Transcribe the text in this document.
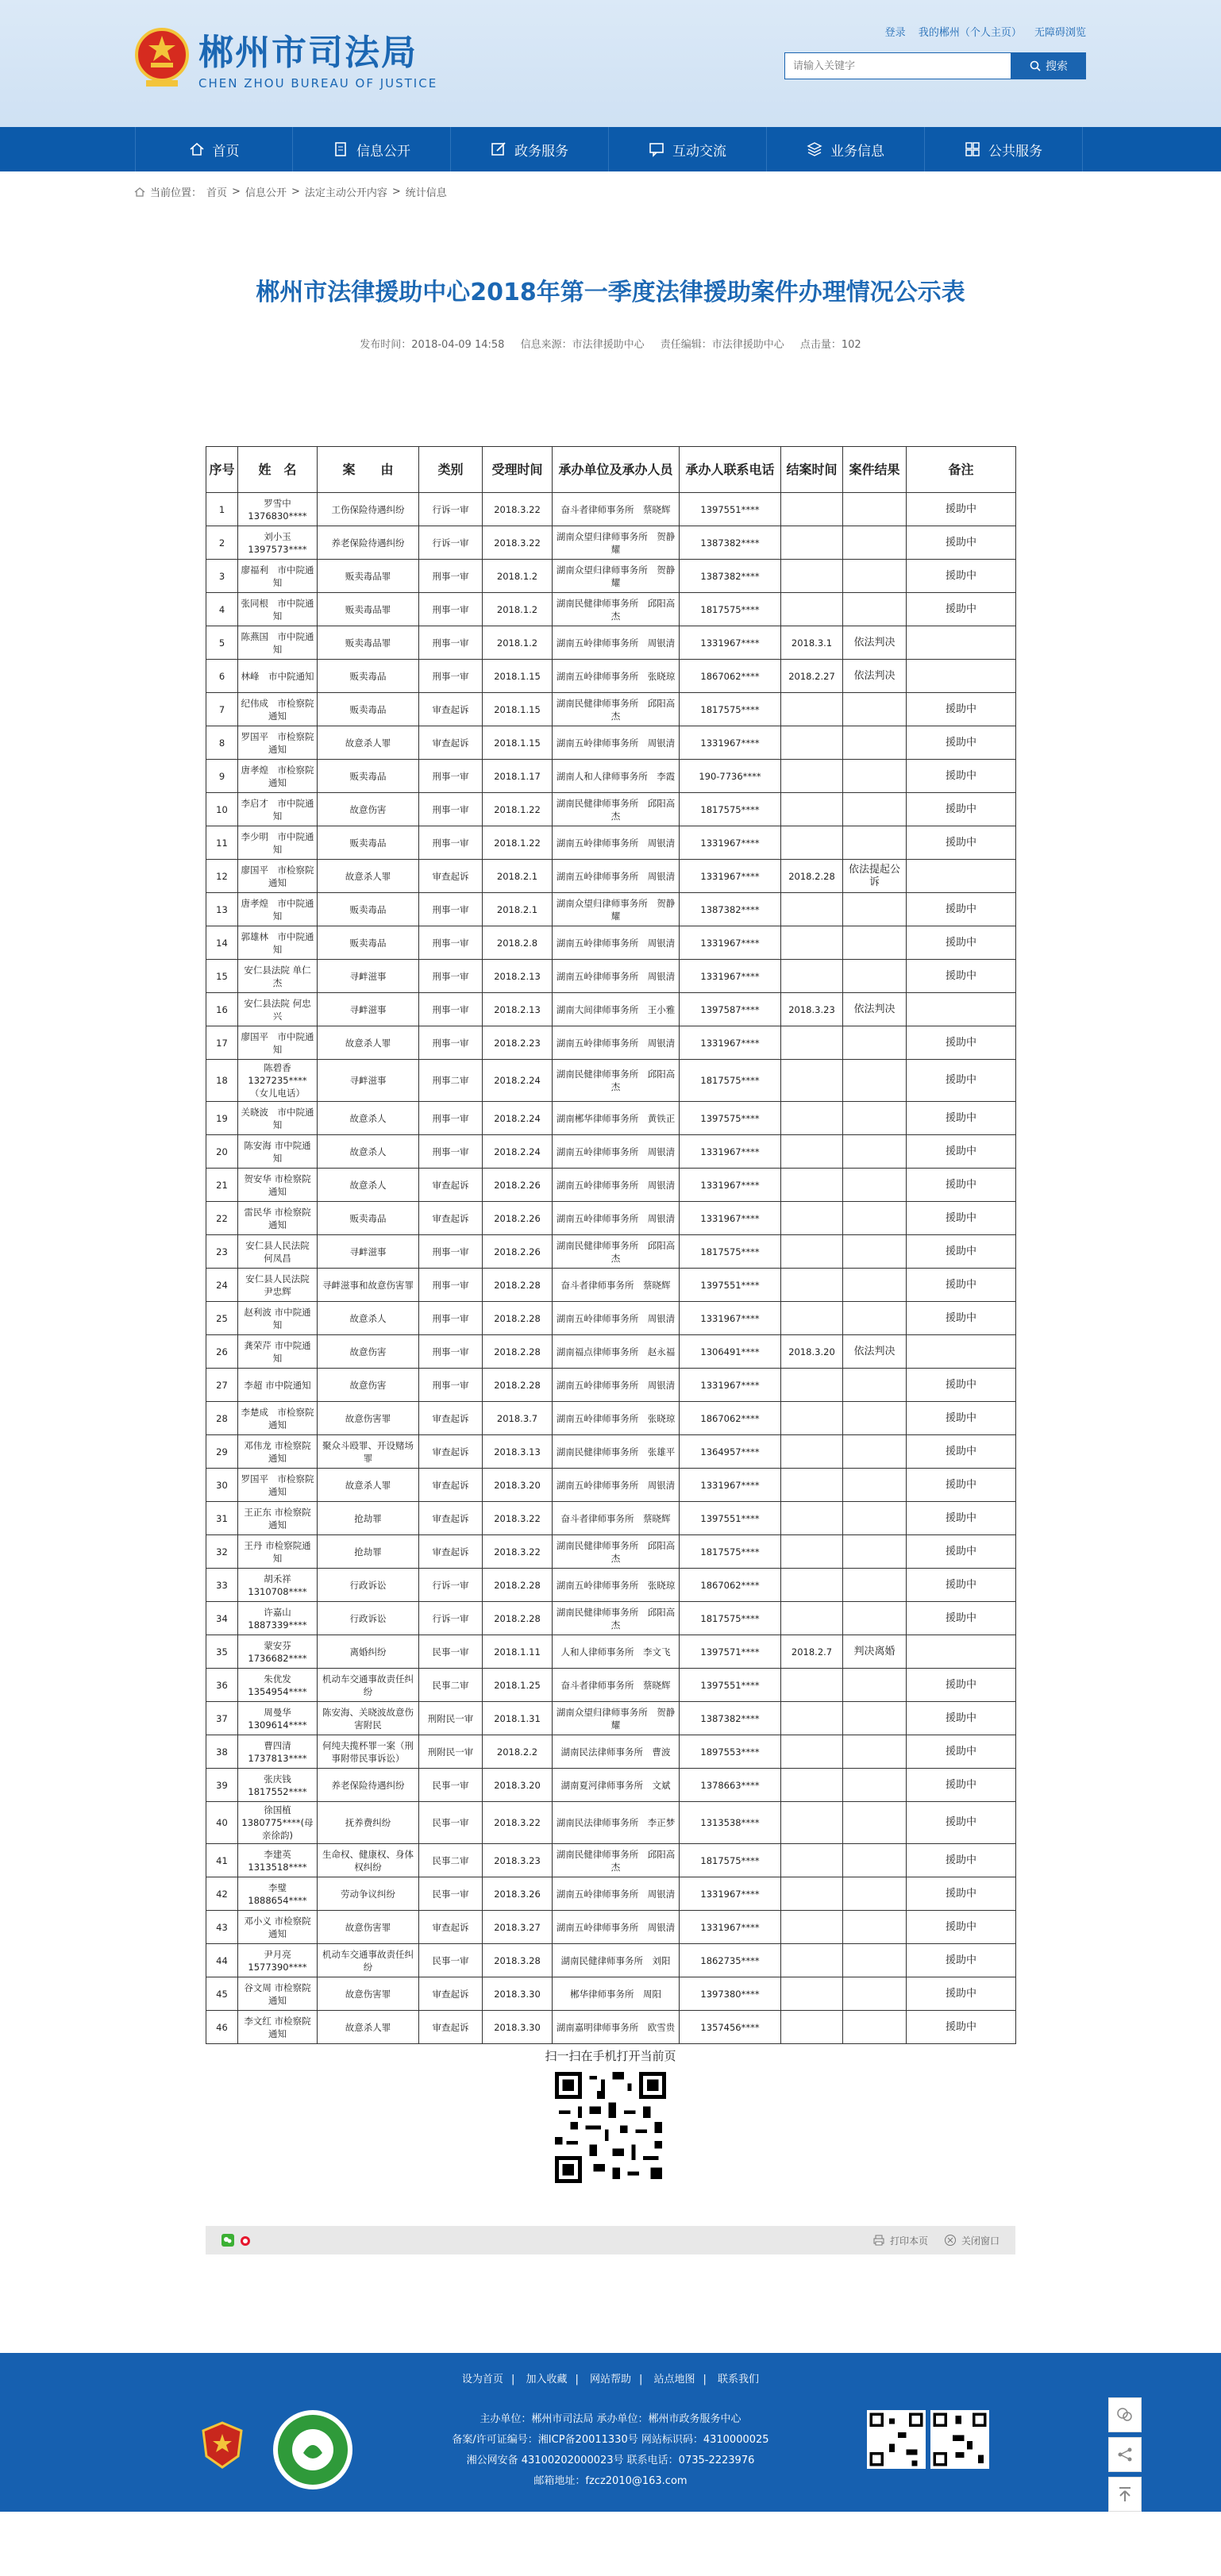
郴州市司法局
CHEN ZHOU BUREAU OF JUSTICE
登录 我的郴州（个人主页） 无障碍浏览
请输入关键字
搜索
首页	信息公开	政务服务	互动交流	业务信息	公共服务
当前位置： 首页 > 信息公开 > 法定主动公开内容 > 统计信息
郴州市法律援助中心2018年第一季度法律援助案件办理情况公示表
发布时间：2018-04-09 14:58 信息来源：市法律援助中心 责任编辑：市法律援助中心 点击量：102
序号	姓　名	案　　由	类别	受理时间	承办单位及承办人员	承办人联系电话	结案时间	案件结果	备注
1	罗雪中 1376830****	工伤保险待遇纠纷	行诉一审	2018.3.22	奋斗者律师事务所　蔡晓辉	1397551****			援助中
2	刘小玉 1397573****	养老保险待遇纠纷	行诉一审	2018.3.22	湖南众望归律师事务所　贺静耀	1387382****			援助中
3	廖福利　市中院通知	贩卖毒品罪	刑事一审	2018.1.2	湖南众望归律师事务所　贺静耀	1387382****			援助中
4	张同根　市中院通知	贩卖毒品罪	刑事一审	2018.1.2	湖南民健律师事务所　邱阳高杰	1817575****			援助中
5	陈燕国　市中院通知	贩卖毒品罪	刑事一审	2018.1.2	湖南五岭律师事务所　周银清	1331967****	2018.3.1	依法判决	
6	林峰　市中院通知	贩卖毒品	刑事一审	2018.1.15	湖南五岭律师事务所　张晓琼	1867062****	2018.2.27	依法判决	
7	纪伟成　市检察院通知	贩卖毒品	审查起诉	2018.1.15	湖南民健律师事务所　邱阳高杰	1817575****			援助中
8	罗国平　市检察院通知	故意杀人罪	审查起诉	2018.1.15	湖南五岭律师事务所　周银清	1331967****			援助中
9	唐孝煌　市检察院通知	贩卖毒品	刑事一审	2018.1.17	湖南人和人律师事务所　李霞	190-7736****			援助中
10	李启才　市中院通知	故意伤害	刑事一审	2018.1.22	湖南民健律师事务所　邱阳高杰	1817575****			援助中
11	李少明　市中院通知	贩卖毒品	刑事一审	2018.1.22	湖南五岭律师事务所　周银清	1331967****			援助中
12	廖国平　市检察院通知	故意杀人罪	审查起诉	2018.2.1	湖南五岭律师事务所　周银清	1331967****	2018.2.28	依法提起公诉	
13	唐孝煌　市中院通知	贩卖毒品	刑事一审	2018.2.1	湖南众望归律师事务所　贺静耀	1387382****			援助中
14	郭雄林　市中院通知	贩卖毒品	刑事一审	2018.2.8	湖南五岭律师事务所　周银清	1331967****			援助中
15	安仁县法院 单仁杰	寻衅滋事	刑事一审	2018.2.13	湖南五岭律师事务所　周银清	1331967****			援助中
16	安仁县法院 何忠兴	寻衅滋事	刑事一审	2018.2.13	湖南大间律师事务所　王小雅	1397587****	2018.3.23	依法判决	
17	廖国平　市中院通知	故意杀人罪	刑事一审	2018.2.23	湖南五岭律师事务所　周银清	1331967****			援助中
18	陈碧香 1327235****（女儿电话）	寻衅滋事	刑事二审	2018.2.24	湖南民健律师事务所　邱阳高杰	1817575****			援助中
19	关晓波　市中院通知	故意杀人	刑事一审	2018.2.24	湖南郴华律师事务所　黄铁正	1397575****			援助中
20	陈安海 市中院通知	故意杀人	刑事一审	2018.2.24	湖南五岭律师事务所　周银清	1331967****			援助中
21	贺安华 市检察院通知	故意杀人	审查起诉	2018.2.26	湖南五岭律师事务所　周银清	1331967****			援助中
22	雷民华 市检察院通知	贩卖毒品	审查起诉	2018.2.26	湖南五岭律师事务所　周银清	1331967****			援助中
23	安仁县人民法院 何凤昌	寻衅滋事	刑事一审	2018.2.26	湖南民健律师事务所　邱阳高杰	1817575****			援助中
24	安仁县人民法院 尹忠辉	寻衅滋事和故意伤害罪	刑事一审	2018.2.28	奋斗者律师事务所　蔡晓辉	1397551****			援助中
25	赵利波 市中院通知	故意杀人	刑事一审	2018.2.28	湖南五岭律师事务所　周银清	1331967****			援助中
26	龚荣芹 市中院通知	故意伤害	刑事一审	2018.2.28	湖南福点律师事务所　赵永福	1306491****	2018.3.20	依法判决	
27	李超 市中院通知	故意伤害	刑事一审	2018.2.28	湖南五岭律师事务所　周银清	1331967****			援助中
28	李楚成　市检察院通知	故意伤害罪	审查起诉	2018.3.7	湖南五岭律师事务所　张晓琼	1867062****			援助中
29	邓伟龙 市检察院通知	聚众斗殴罪、开设赌场罪	审查起诉	2018.3.13	湖南民健律师事务所　张雄平	1364957****			援助中
30	罗国平　市检察院通知	故意杀人罪	审查起诉	2018.3.20	湖南五岭律师事务所　周银清	1331967****			援助中
31	王正东 市检察院通知	抢劫罪	审查起诉	2018.3.22	奋斗者律师事务所　蔡晓辉	1397551****			援助中
32	王丹 市检察院通知	抢劫罪	审查起诉	2018.3.22	湖南民健律师事务所　邱阳高杰	1817575****			援助中
33	胡禾祥 1310708****	行政诉讼	行诉一审	2018.2.28	湖南五岭律师事务所　张晓琼	1867062****			援助中
34	许嘉山 1887339****	行政诉讼	行诉一审	2018.2.28	湖南民健律师事务所　邱阳高杰	1817575****			援助中
35	蒙安芬 1736682****	离婚纠纷	民事一审	2018.1.11	人和人律师事务所　李文飞	1397571****	2018.2.7	判决离婚	
36	朱优发 1354954****	机动车交通事故责任纠纷	民事二审	2018.1.25	奋斗者律师事务所　蔡晓辉	1397551****			援助中
37	周曼华 1309614****	陈安海、关晓波故意伤害附民	刑附民一审	2018.1.31	湖南众望归律师事务所　贺静耀	1387382****			援助中
38	曹四清 1737813****	何纯夫揽杯罪一案（刑事附带民事诉讼）	刑附民一审	2018.2.2	湖南民法律师事务所　曹波	1897553****			援助中
39	张庆钱 1817552****	养老保险待遇纠纷	民事一审	2018.3.20	湖南夏河律师事务所　文斌	1378663****			援助中
40	徐国植 1380775****(母亲徐韵)	抚养费纠纷	民事一审	2018.3.22	湖南民法律师事务所　李正梦	1313538****			援助中
41	李建英 1313518****	生命权、健康权、身体权纠纷	民事二审	2018.3.23	湖南民健律师事务所　邱阳高杰	1817575****			援助中
42	李璧 1888654****	劳动争议纠纷	民事一审	2018.3.26	湖南五岭律师事务所　周银清	1331967****			援助中
43	邓小义 市检察院通知	故意伤害罪	审查起诉	2018.3.27	湖南五岭律师事务所　周银清	1331967****			援助中
44	尹月亮 1577390****	机动车交通事故责任纠纷	民事一审	2018.3.28	湖南民健律师事务所　刘阳	1862735****			援助中
45	谷文周 市检察院通知	故意伤害罪	审查起诉	2018.3.30	郴华律师事务所　周阳	1397380****			援助中
46	李文红 市检察院通知	故意杀人罪	审查起诉	2018.3.30	湖南嘉明律师事务所　欧雪贵	1357456****			援助中
扫一扫在手机打开当前页
打印本页	关闭窗口
设为首页 | 加入收藏 | 网站帮助 | 站点地图 | 联系我们
主办单位：郴州市司法局 承办单位：郴州市政务服务中心
备案/许可证编号：湘ICP备20011330号 网站标识码：4310000025
湘公网安备 43100202000023号 联系电话：0735-2223976
邮箱地址：fzcz2010@163.com
